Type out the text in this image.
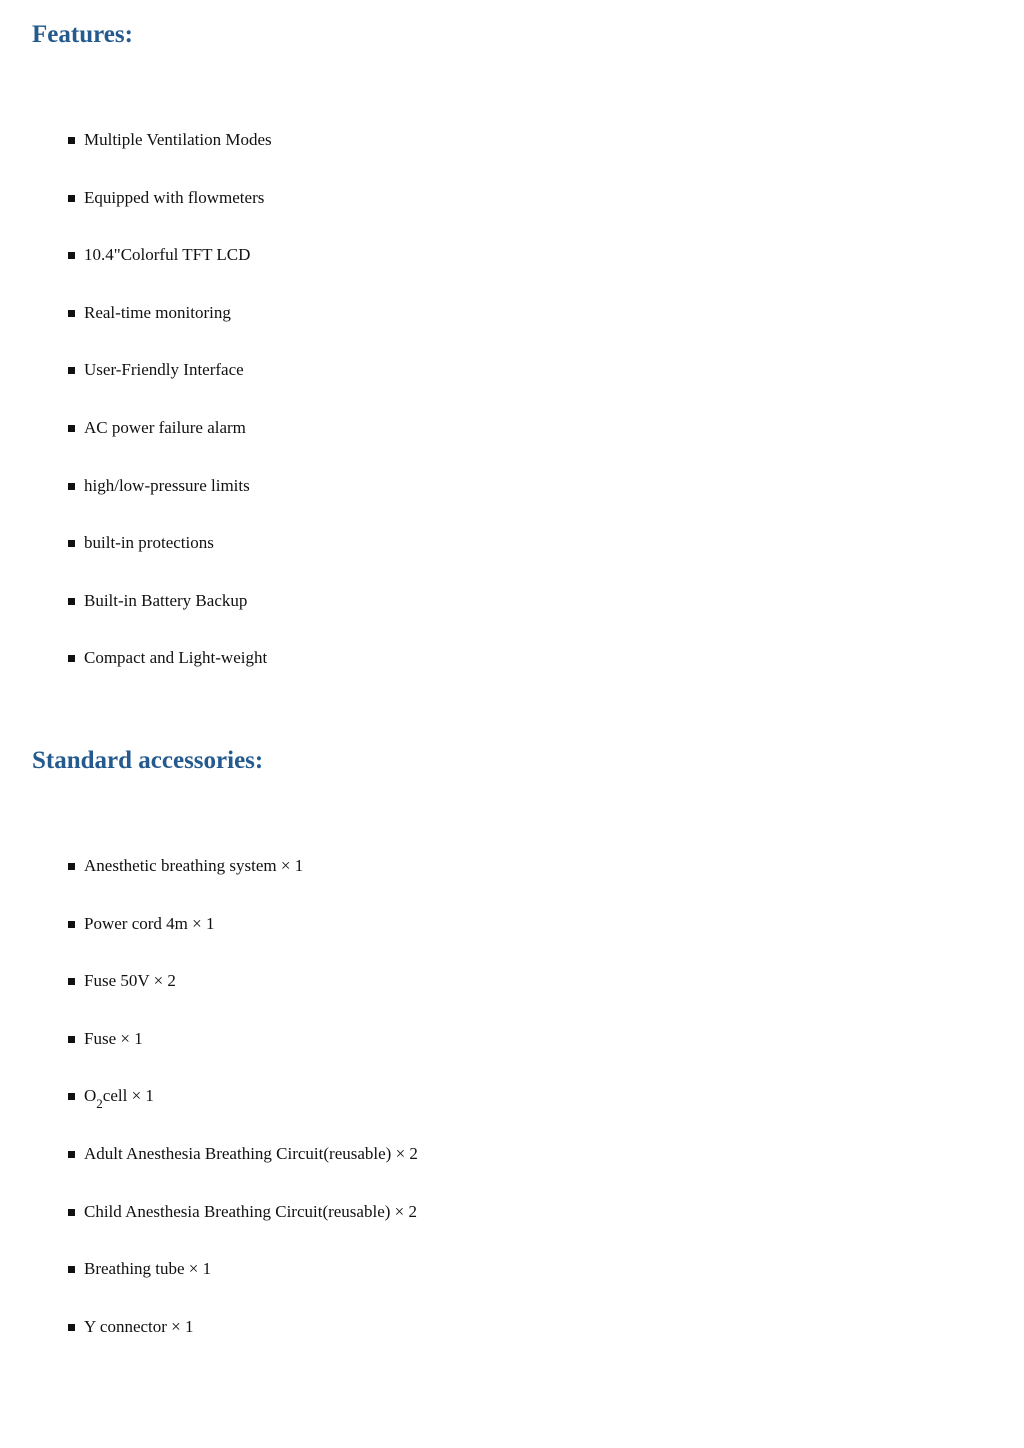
Features:
Multiple Ventilation Modes
Equipped with flowmeters
10.4"Colorful TFT LCD
Real-time monitoring
User-Friendly Interface
AC power failure alarm
high/low-pressure limits
built-in protections
Built-in Battery Backup
Compact and Light-weight
Standard accessories:
Anesthetic breathing system × 1
Power cord 4m × 1
Fuse 50V × 2
Fuse × 1
$O_2cell \times 1$
Adult Anesthesia Breathing Circuit(reusable) × 2
Child Anesthesia Breathing Circuit(reusable) × 2
Breathing tube × 1
Y connector × 1
